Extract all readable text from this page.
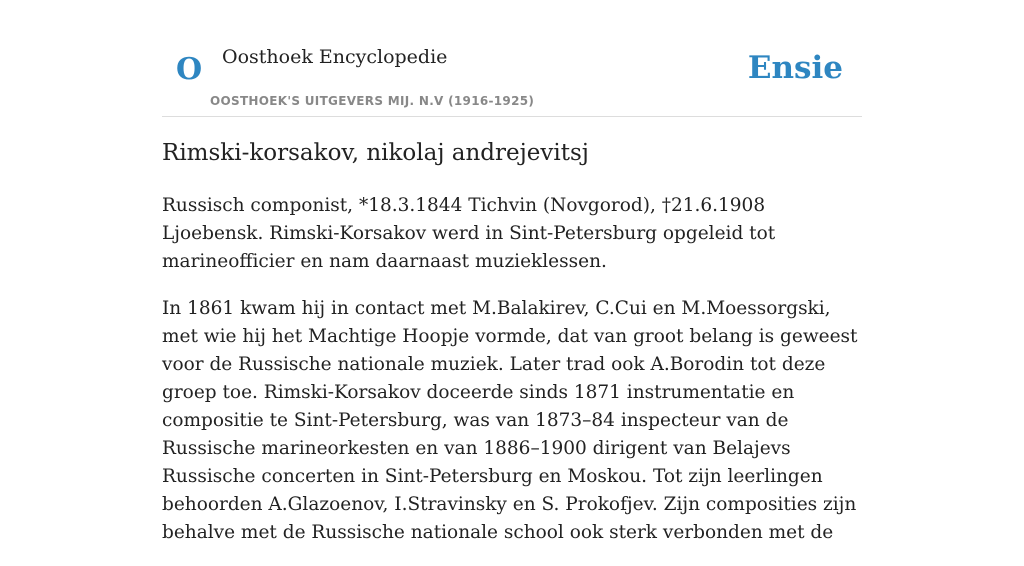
O Oosthoek Encyclopedie
OOSTHOEK'S UITGEVERS MIJ. N.V (1916-1925)
Ensie
Rimski-korsakov, nikolaj andrejevitsj

Russisch componist, *18.3.1844 Tichvin (Novgorod), †21.6.1908 Ljoebensk. Rimski-Korsakov werd in Sint-Petersburg opgeleid tot marineofficier en nam daarnaast muzieklessen.

In 1861 kwam hij in contact met M.Balakirev, C.Cui en M.Moessorgski, met wie hij het Machtige Hoopje vormde, dat van groot belang is geweest voor de Russische nationale muziek. Later trad ook A.Borodin tot deze groep toe. Rimski-Korsakov doceerde sinds 1871 instrumentatie en compositie te Sint-Petersburg, was van 1873–84 inspecteur van de Russische marineorkesten en van 1886–1900 dirigent van Belajevs Russische concerten in Sint-Petersburg en Moskou. Tot zijn leerlingen behoorden A.Glazoenov, I.Stravinsky en S. Prokofjev. Zijn composities zijn behalve met de Russische nationale school ook sterk verbonden met de
